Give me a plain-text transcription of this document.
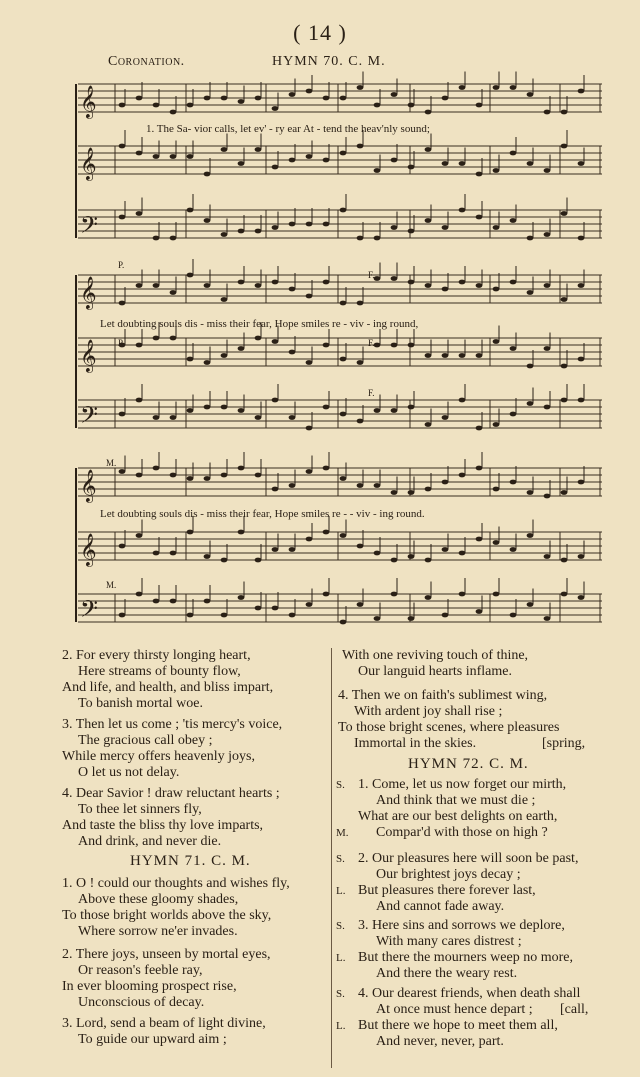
( 14 )
Coronation.	HYMN 70. C. M.
𝄞
𝄞
𝄢
𝄞
𝄞
𝄢
𝄞
𝄞
𝄢
1. The Sa- vior calls, let ev' - ry ear At - tend the heav'nly sound;
Let doubting souls dis - miss their fear, Hope smiles re - viv - ing round,
Let doubting souls dis - miss their fear, Hope smiles re - - viv - ing round.
P.
P.
F.
F.
F.
M.
M.
2. For every thirsty longing heart,
Here streams of bounty flow,
And life, and health, and bliss impart,
To banish mortal woe.
3. Then let us come ; 'tis mercy's voice,
The gracious call obey ;
While mercy offers heavenly joys,
O let us not delay.
4. Dear Savior ! draw reluctant hearts ;
To thee let sinners fly,
And taste the bliss thy love imparts,
And drink, and never die.
HYMN 71. C. M.
1. O ! could our thoughts and wishes fly,
Above these gloomy shades,
To those bright worlds above the sky,
Where sorrow ne'er invades.
2. There joys, unseen by mortal eyes,
Or reason's feeble ray,
In ever blooming prospect rise,
Unconscious of decay.
3. Lord, send a beam of light divine,
To guide our upward aim ;
With one reviving touch of thine,
Our languid hearts inflame.
4. Then we on faith's sublimest wing,
With ardent joy shall rise ;
To those bright scenes, where pleasures
Immortal in the skies.	[spring,
HYMN 72. C. M.
S. 1. Come, let us now forget our mirth,
And think that we must die ;
What are our best delights on earth,
M. Compar'd with those on high ?
S. 2. Our pleasures here will soon be past,
Our brightest joys decay ;
L. But pleasures there forever last,
And cannot fade away.
S. 3. Here sins and sorrows we deplore,
With many cares distrest ;
L. But there the mourners weep no more,
And there the weary rest.
S. 4. Our dearest friends, when death shall
At once must hence depart ; [call,
L. But there we hope to meet them all,
And never, never, part.
